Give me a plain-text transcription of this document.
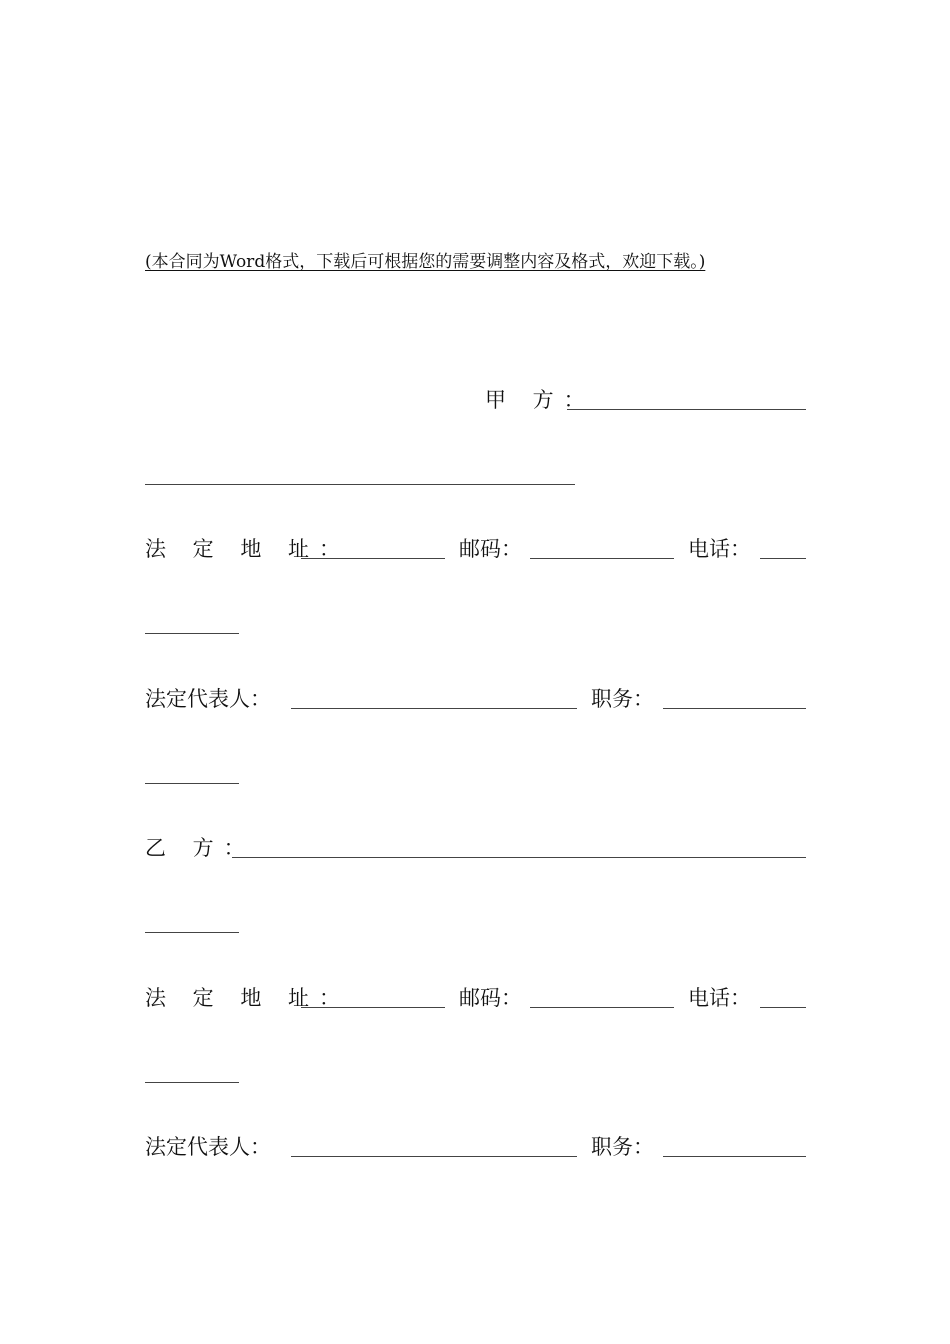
(本合同为Word格式，下载后可根据您的需要调整内容及格式，欢迎下载。)
甲 方：
法 定 地 址：	邮码：	电话：
法定代表人：	职务：
乙 方：
法 定 地 址：	邮码：	电话：
法定代表人：	职务：
